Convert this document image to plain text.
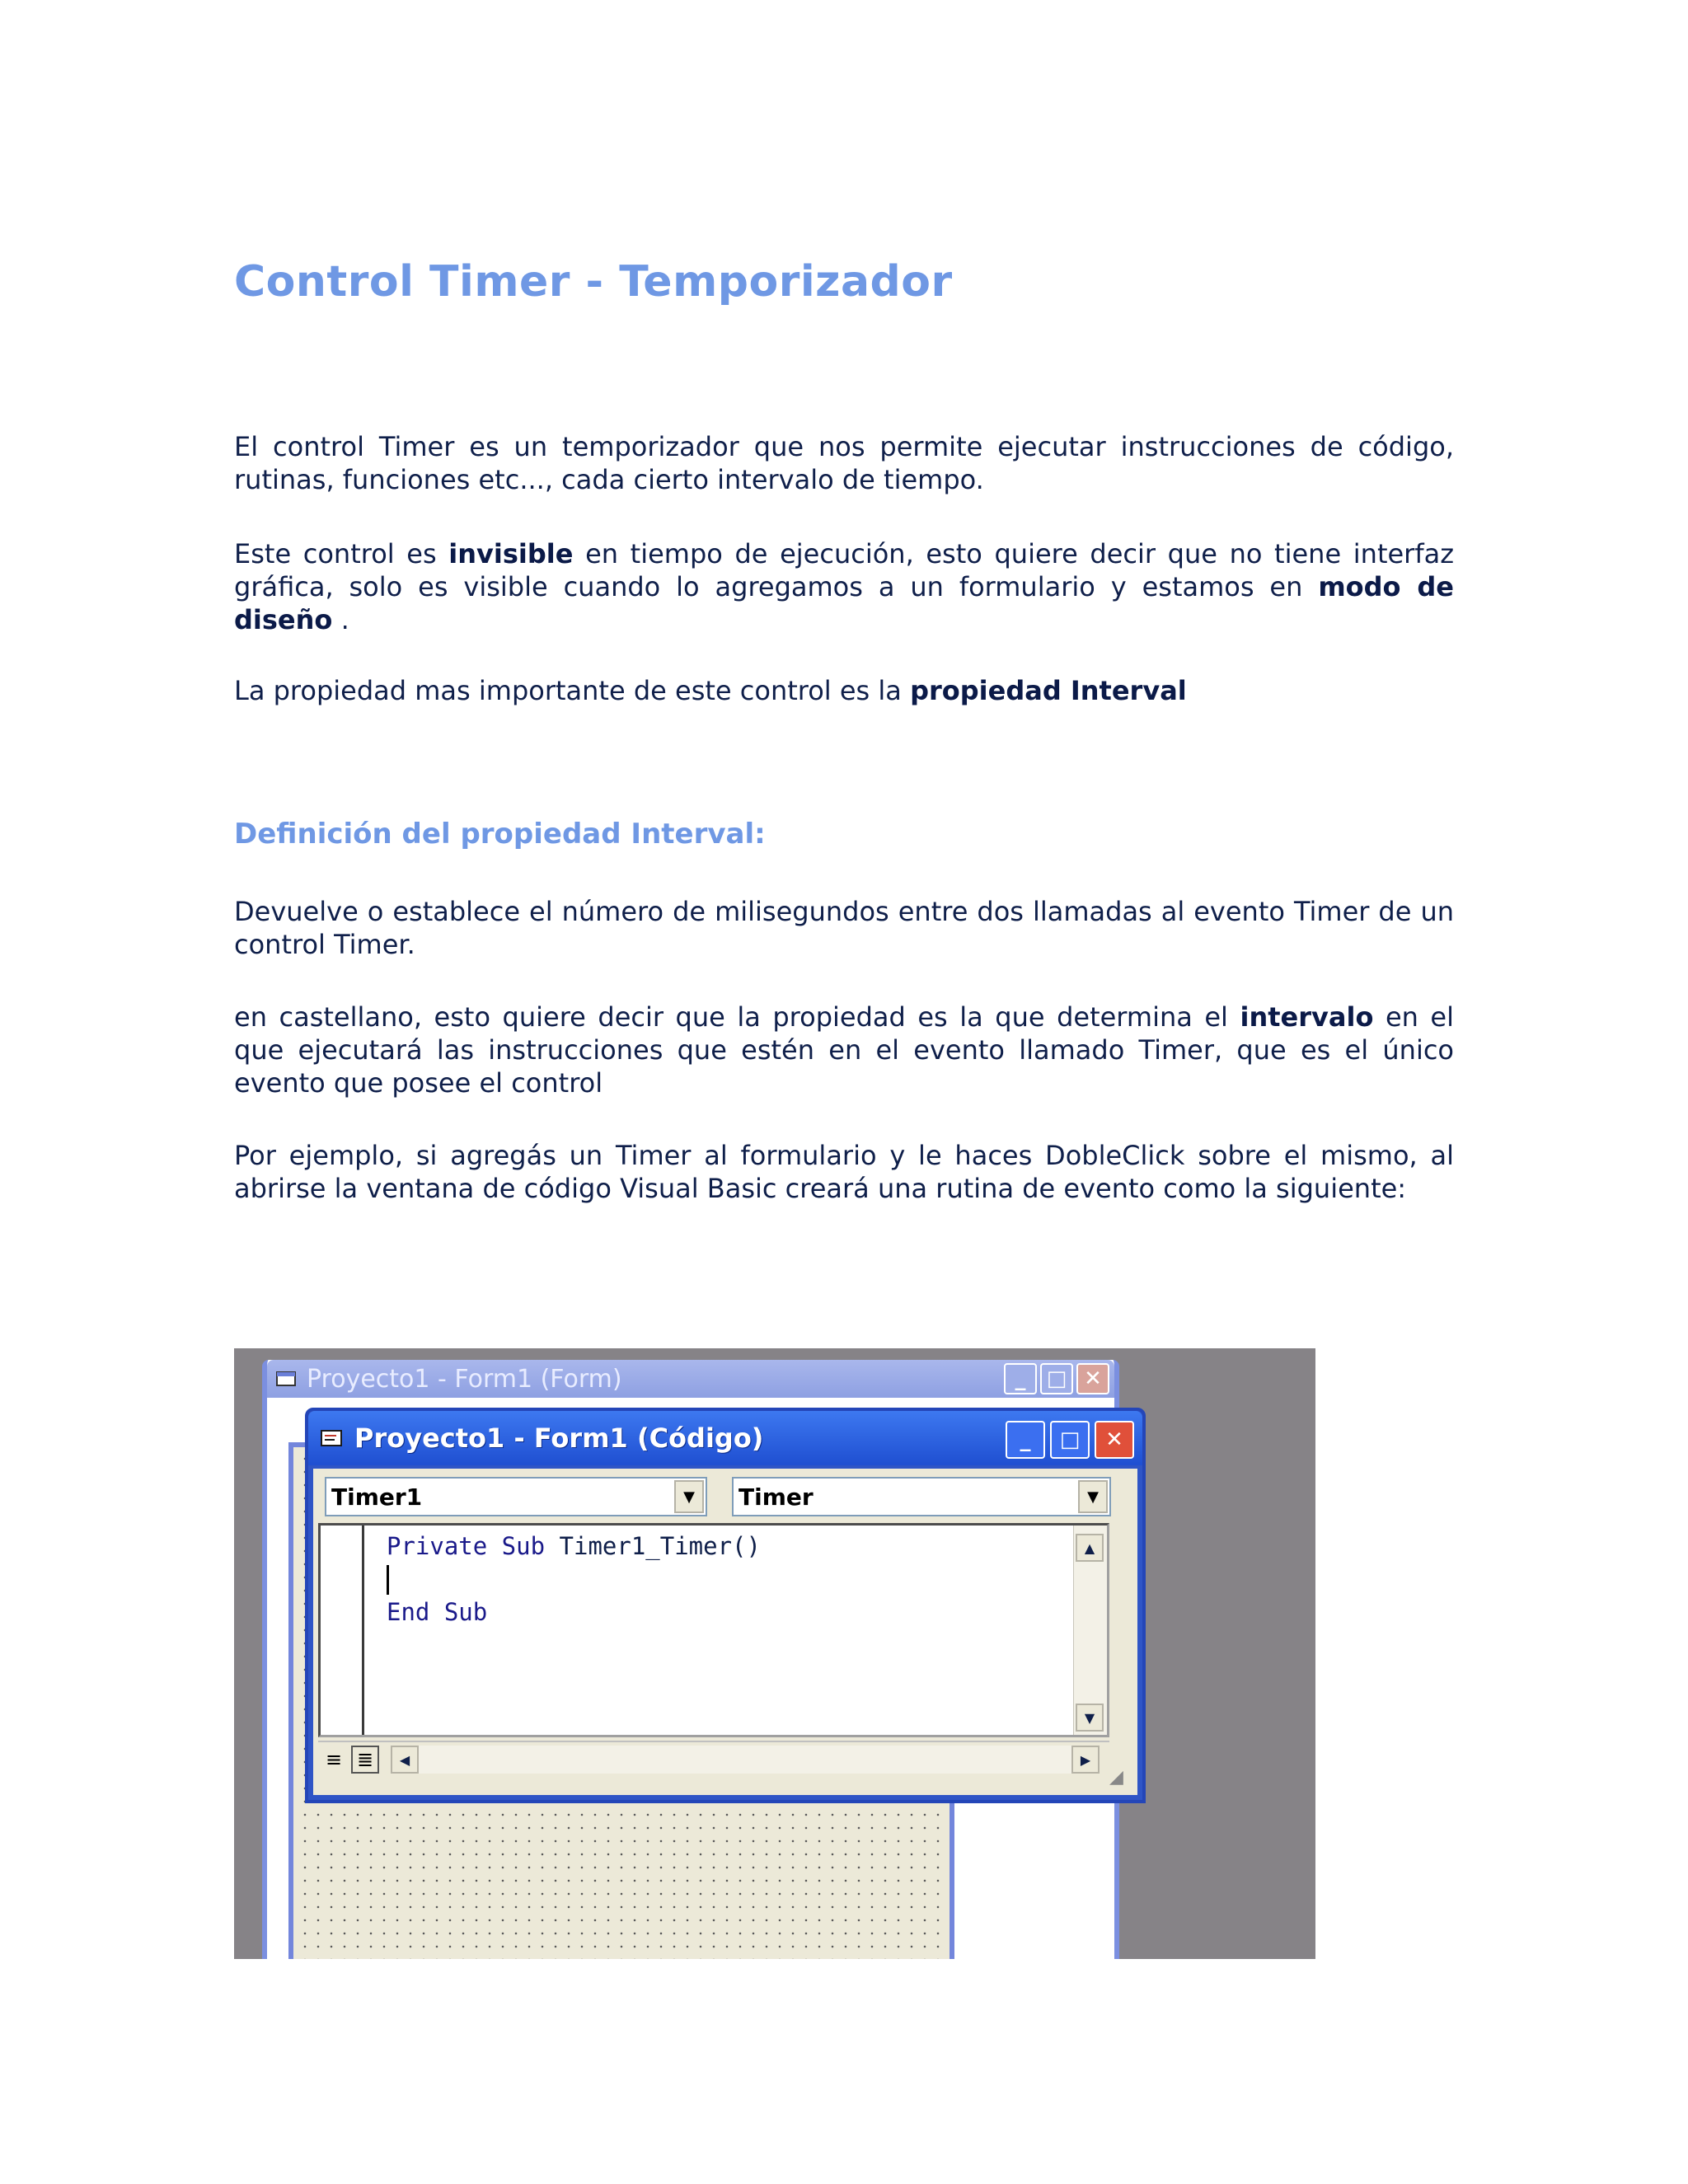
Control Timer - Temporizador

El control Timer es un temporizador que nos permite ejecutar instrucciones de código, rutinas, funciones etc..., cada cierto intervalo de tiempo.

Este control es invisible en tiempo de ejecución, esto quiere decir que no tiene interfaz gráfica, solo es visible cuando lo agregamos a un formulario y estamos en modo de diseño .

La propiedad mas importante de este control es la propiedad Interval

Definición del propiedad Interval:

Devuelve o establece el número de milisegundos entre dos llamadas al evento Timer de un control Timer.

en castellano, esto quiere decir que la propiedad es la que determina el intervalo en el que ejecutará las instrucciones que estén en el evento llamado Timer, que es el único evento que posee el control

Por ejemplo, si agregás un Timer al formulario y le haces DobleClick sobre el mismo, al abrirse la ventana de código Visual Basic creará una rutina de evento como la siguiente:

Proyecto1 - Form1 (Form)	_ □ ✕
Proyecto1 - Form1 (Código)	_	□	✕
Timer1	▼	Timer	▼
Private Sub Timer1_Timer()
End Sub
▲
▼
≡ ≣	◀	▶
◢
